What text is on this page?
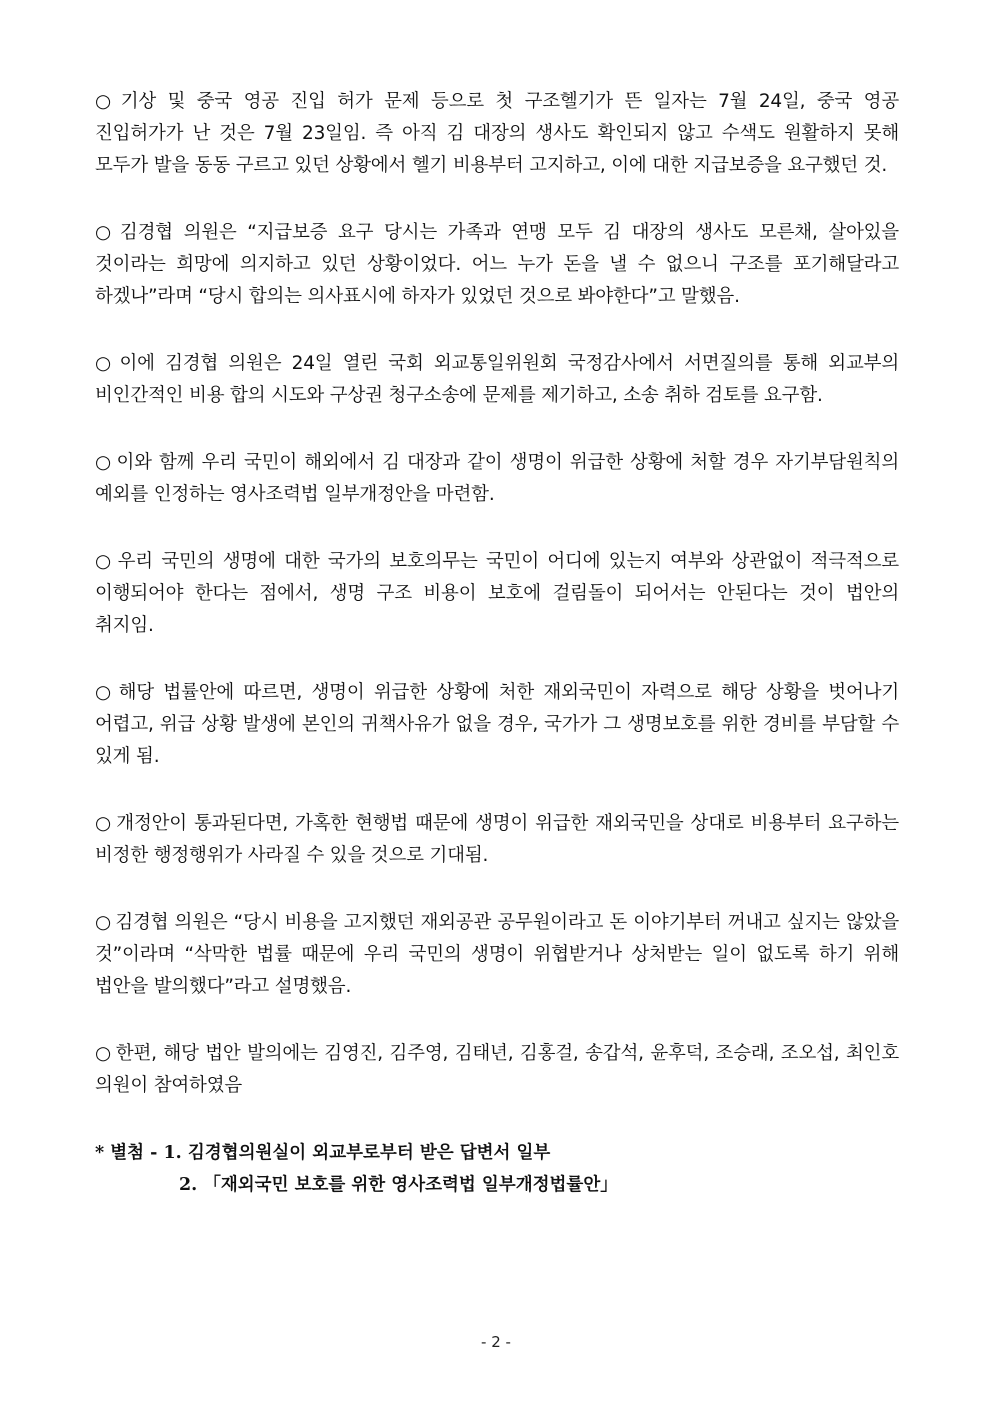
○ 기상 및 중국 영공 진입 허가 문제 등으로 첫 구조헬기가 뜬 일자는 7월 24일, 중국 영공 진입허가가 난 것은 7월 23일임. 즉 아직 김 대장의 생사도 확인되지 않고 수색도 원활하지 못해 모두가 발을 동동 구르고 있던 상황에서 헬기 비용부터 고지하고, 이에 대한 지급보증을 요구했던 것.

○ 김경협 의원은 “지급보증 요구 당시는 가족과 연맹 모두 김 대장의 생사도 모른채, 살아있을 것이라는 희망에 의지하고 있던 상황이었다. 어느 누가 돈을 낼 수 없으니 구조를 포기해달라고 하겠나”라며 “당시 합의는 의사표시에 하자가 있었던 것으로 봐야한다”고 말했음.

○ 이에 김경협 의원은 24일 열린 국회 외교통일위원회 국정감사에서 서면질의를 통해 외교부의 비인간적인 비용 합의 시도와 구상권 청구소송에 문제를 제기하고, 소송 취하 검토를 요구함.

○ 이와 함께 우리 국민이 해외에서 김 대장과 같이 생명이 위급한 상황에 처할 경우 자기부담원칙의 예외를 인정하는 영사조력법 일부개정안을 마련함.

○ 우리 국민의 생명에 대한 국가의 보호의무는 국민이 어디에 있는지 여부와 상관없이 적극적으로 이행되어야 한다는 점에서, 생명 구조 비용이 보호에 걸림돌이 되어서는 안된다는 것이 법안의 취지임.

○ 해당 법률안에 따르면, 생명이 위급한 상황에 처한 재외국민이 자력으로 해당 상황을 벗어나기 어렵고, 위급 상황 발생에 본인의 귀책사유가 없을 경우, 국가가 그 생명보호를 위한 경비를 부담할 수 있게 됨.

○ 개정안이 통과된다면, 가혹한 현행법 때문에 생명이 위급한 재외국민을 상대로 비용부터 요구하는 비정한 행정행위가 사라질 수 있을 것으로 기대됨.

○ 김경협 의원은 “당시 비용을 고지했던 재외공관 공무원이라고 돈 이야기부터 꺼내고 싶지는 않았을 것”이라며 “삭막한 법률 때문에 우리 국민의 생명이 위협받거나 상처받는 일이 없도록 하기 위해 법안을 발의했다”라고 설명했음.

○ 한편, 해당 법안 발의에는 김영진, 김주영, 김태년, 김홍걸, 송갑석, 윤후덕, 조승래, 조오섭, 최인호 의원이 참여하였음

* 별첨 - 1. 김경협의원실이 외교부로부터 받은 답변서 일부
2. 「재외국민 보호를 위한 영사조력법 일부개정법률안」
- 2 -
